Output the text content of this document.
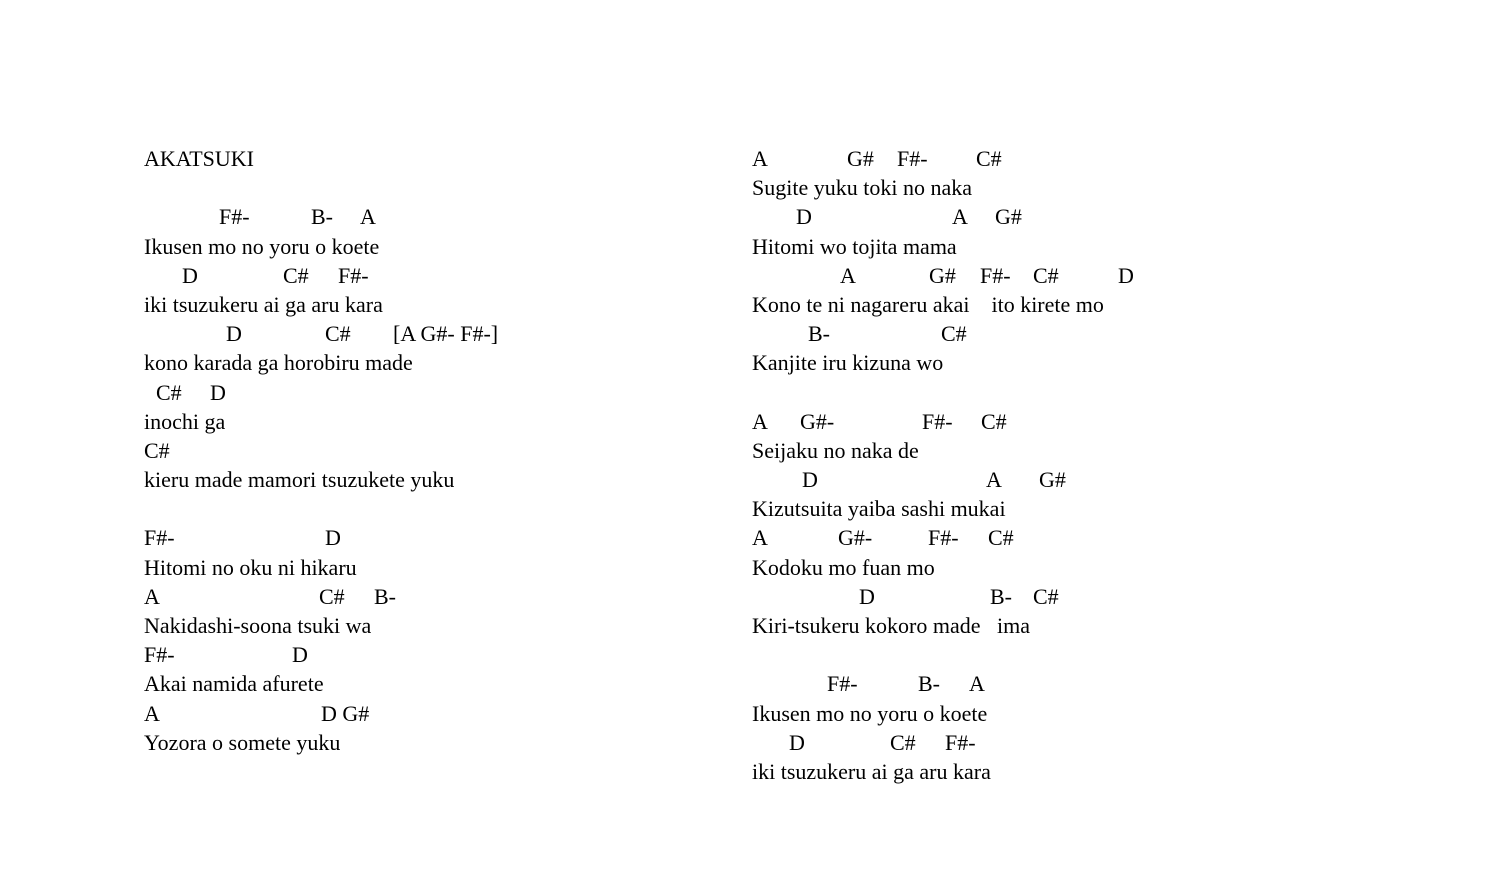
AKATSUKI

F#-

	B-

A

Ikusen mo no yoru o koete

D

	C#

F#-

iki tsuzukeru ai ga aru kara

D

	C#

[A G#- F#-]

kono karada ga horobiru made

C#

D

inochi ga

C#

kieru made mamori tsuzukete yuku

F#-

	D

Hitomi no oku ni hikaru

A

	C#

B-

Nakidashi-soona tsuki wa

F#-

	D

Akai namida afurete

A

	D G#

Yozora o somete yuku

A

	G#

F#-

C#

Sugite yuku toki no naka

D

	A

G#

Hitomi wo tojita mama

A

	G#

F#-

C#

	D

Kono te ni nagareru akai    ito kirete mo

B-

	C#

Kanjite iru kizuna wo

A

G#-

	F#-

C#

Seijaku no naka de

D

	A

G#

Kizutsuita yaiba sashi mukai

A

	G#-

	F#-

C#

Kodoku mo fuan mo

D

	B-

C#

Kiri-tsukeru kokoro made   ima

F#-

	B-

A

Ikusen mo no yoru o koete

D

	C#

F#-

iki tsuzukeru ai ga aru kara
